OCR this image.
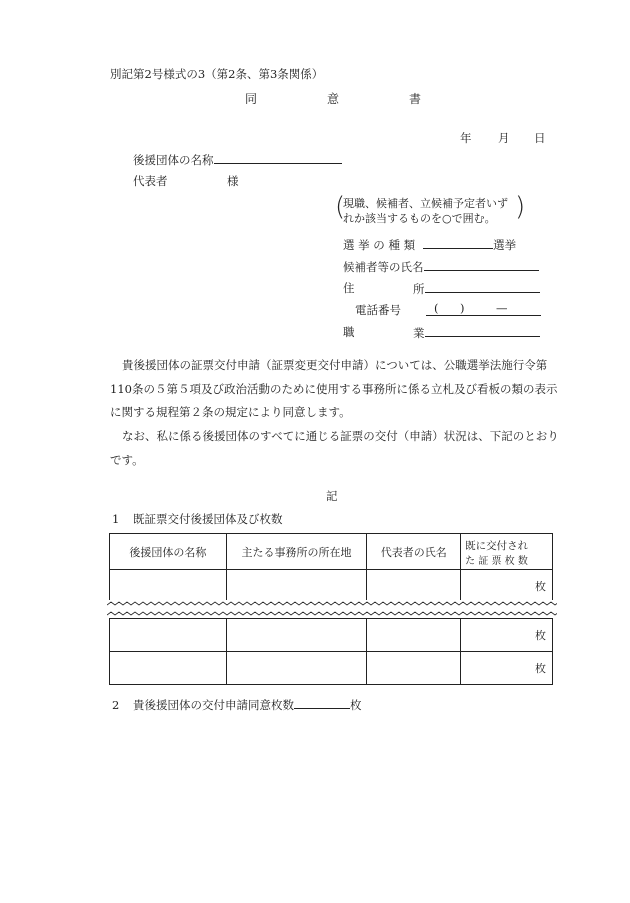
別記第2号様式の3（第2条、第3条関係）
同	意	書
年 月 日
後援団体の名称
代表者	様
(
現職、候補者、立候補予定者いず
れか該当するものを○で囲む。 )
選 挙 の 種 類	選挙
候補者等の氏名
住	所
電話番号	( )	—
職	業
貴後援団体の証票交付申請（証票変更交付申請）については、公職選挙法施行令第110条の５第５項及び政治活動のために使用する事務所に係る立札及び看板の類の表示に関する規程第２条の規定により同意します。
なお、私に係る後援団体のすべてに通じる証票の交付（申請）状況は、下記のとおりです。
記
1 既証票交付後援団体及び枚数
後援団体の名称	主たる事務所の所在地	代表者の氏名	既に交付され
た 証 票 枚 数

			枚
			枚
			枚
2 貴後援団体の交付申請同意枚数	枚
